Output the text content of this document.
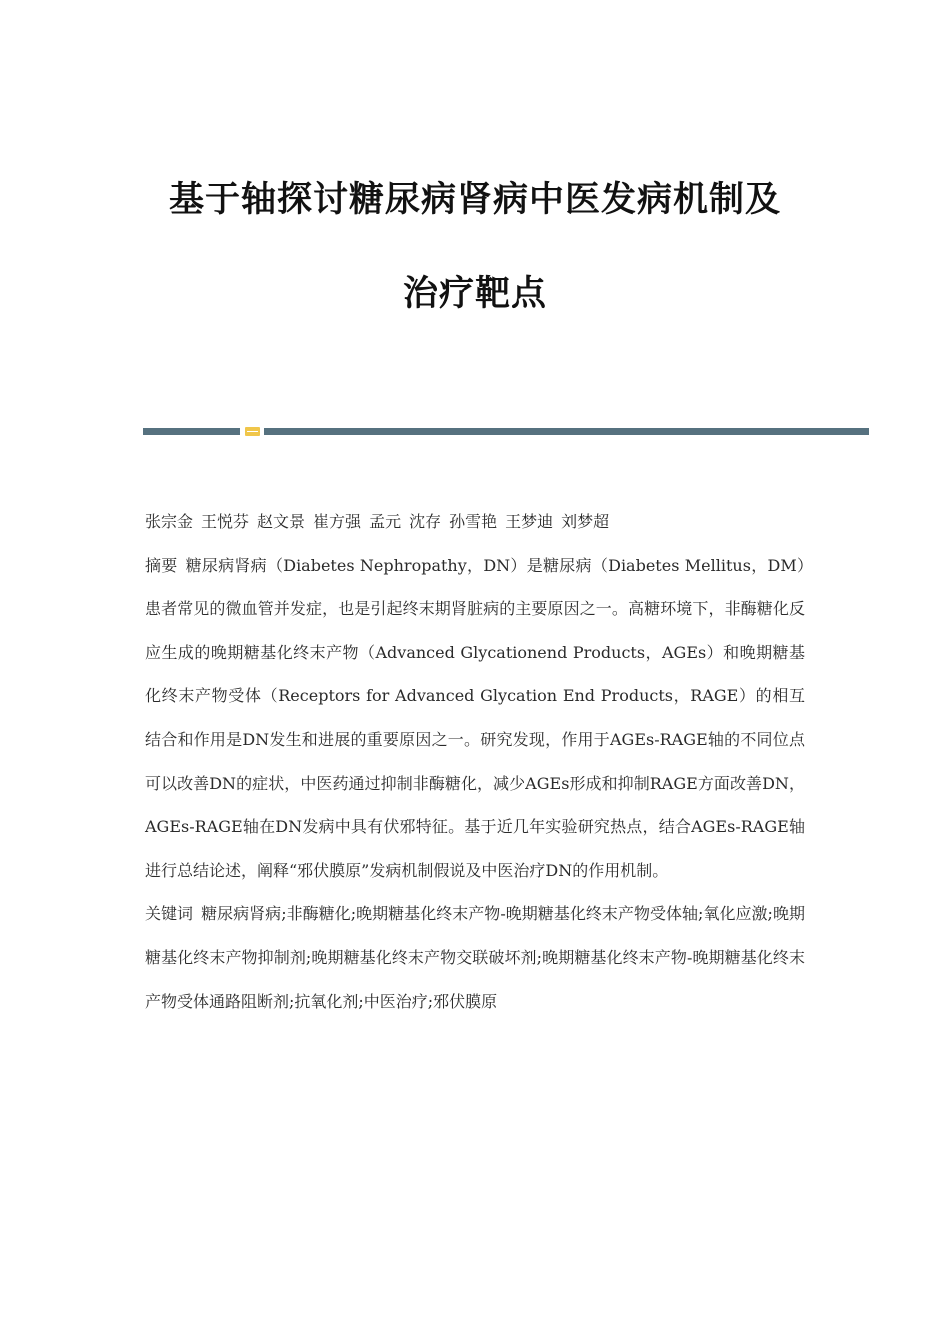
基于轴探讨糖尿病肾病中医发病机制及
治疗靶点

张宗金 王悦芬 赵文景 崔方强 孟元 沈存 孙雪艳 王梦迪 刘梦超

摘要 糖尿病肾病（Diabetes Nephropathy，DN）是糖尿病（Diabetes Mellitus，DM）患者常见的微血管并发症，也是引起终末期肾脏病的主要原因之一。高糖环境下，非酶糖化反应生成的晚期糖基化终末产物（Advanced Glycationend Products，AGEs）和晚期糖基化终末产物受体（Receptors for Advanced Glycation End Products，RAGE）的相互结合和作用是DN发生和进展的重要原因之一。研究发现，作用于AGEs-RAGE轴的不同位点可以改善DN的症状，中医药通过抑制非酶糖化，减少AGEs形成和抑制RAGE方面改善DN，AGEs-RAGE轴在DN发病中具有伏邪特征。基于近几年实验研究热点，结合AGEs-RAGE轴进行总结论述，阐释“邪伏膜原”发病机制假说及中医治疗DN的作用机制。

关键词 糖尿病肾病;非酶糖化;晚期糖基化终末产物-晚期糖基化终末产物受体轴;氧化应激;晚期糖基化终末产物抑制剂;晚期糖基化终末产物交联破坏剂;晚期糖基化终末产物-晚期糖基化终末产物受体通路阻断剂;抗氧化剂;中医治疗;邪伏膜原
